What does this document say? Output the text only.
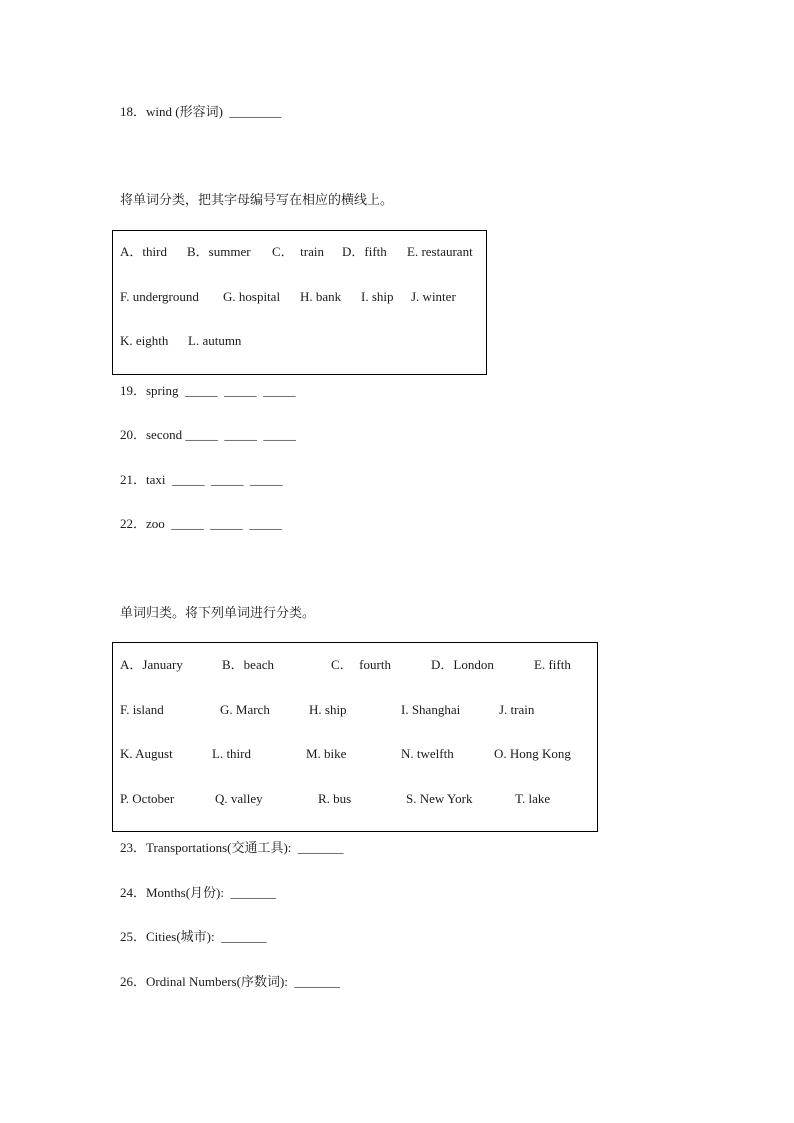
18．wind (形容词)  ________
将单词分类，把其字母编号写在相应的横线上。
A．third B．summer C．  train D．fifth E. restaurant
F. underground G. hospital H. bank I. ship J. winter
K. eighth L. autumn
19．spring  _____  _____  _____
20．second _____  _____  _____
21．taxi  _____  _____  _____
22．zoo  _____  _____  _____
单词归类。将下列单词进行分类。
A．January	B．beach	C．  fourth	D．London	E. fifth
F. island	G. March	H. ship	I. Shanghai	J. train
K. August	L. third	M. bike	N. twelfth	O. Hong Kong
P. October	Q. valley	R. bus	S. New York	T. lake
23．Transportations(交通工具):  _______
24．Months(月份):  _______
25．Cities(城市):  _______
26．Ordinal Numbers(序数词):  _______
